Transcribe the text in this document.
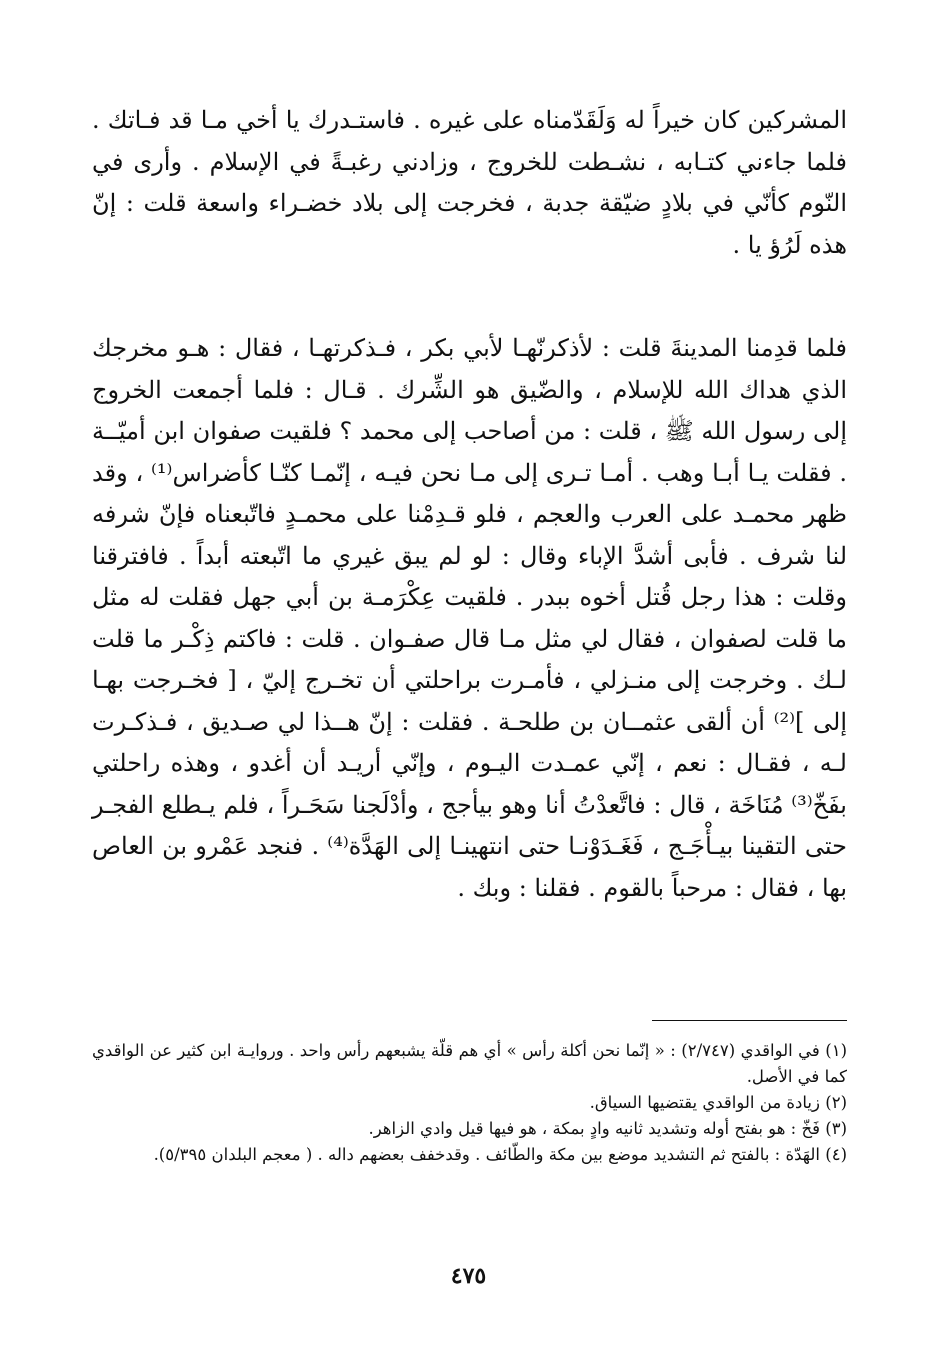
المشركين كان خيراً له وَلَقَدّمناه على غيره . فاستـدرك يا أخي مـا قد فـاتك . فلما جاءني كتـابه ، نشـطت للخروج ، وزادني رغبـةً في الإسلام . وأرى في النّوم كأنّي في بلادٍ ضيّقة جدبة ، فخرجت إلى بلاد خضـراء واسعة قلت : إنّ هذه لَرُؤ يا .

فلما قدِمنا المدينةَ قلت : لأذكرنّهـا لأبي بكر ، فـذكرتهـا ، فقال : هـو مخرجك الذي هداك الله للإسلام ، والضّيق هو الشِّرك . قـال : فلما أجمعت الخروج إلى رسول الله ﷺ ، قلت : من أصاحب إلى محمد ؟ فلقيت صفوان ابن أميّــة . فقلت يـا أبـا وهب . أمـا تـرى إلى مـا نحن فيـه ، إنّمـا كنّـا كأضراس⁽¹⁾ ، وقد ظهر محمـد على العرب والعجم ، فلو قـدِمْنا على محمـدٍ فاتّبعناه فإنّ شرفه لنا شرف . فأبى أشدَّ الإباء وقال : لو لم يبق غيري ما اتّبعته أبداً . فافترقنا وقلت : هذا رجل قُتل أخوه ببدر . فلقيت عِكْرَمـة بن أبي جهل فقلت له مثل ما قلت لصفوان ، فقال لي مثل مـا قال صفـوان . قلت : فاكتم ذِكْـر ما قلت لـك . وخرجت إلى منـزلي ، فأمـرت براحلتي أن تخـرج إليّ ، [ فخـرجت بهـا إلى ]⁽²⁾ أن ألقى عثمــان بن طلحـة . فقلت : إنّ هــذا لي صـديق ، فـذكـرت لـه ، فقـال : نعم ، إنّي عمـدت اليـوم ، وإنّي أريـد أن أغدو ، وهذه راحلتي بفَخّ⁽³⁾ مُنَاخَة ، قال : فاتَّعدْتُ أنا وهو بيأجج ، وأدْلَجنا سَحَـراً ، فلم يـطلع الفجـر حتى التقينا بيـأْجَـج ، فَغَـدَوْنـا حتى انتهينـا إلى الهَدَّة⁽⁴⁾ . فنجد عَمْرو بن العاص بها ، فقال : مرحباً بالقوم . فقلنا : وبك .

(١) في الواقدي (٢/٧٤٧) : « إنّما نحن أكلة رأس » أي هم قلّة يشبعهم رأس واحد . وروايـة ابن كثير عن الواقدي كما في الأصل.
(٢) زيادة من الواقدي يقتضيها السياق.
(٣) فَخّ : هو بفتح أوله وتشديد ثانيه وادٍ بمكة ، هو فيها قيل وادي الزاهر.
(٤) الهَدّة : بالفتح ثم التشديد موضع بين مكة والطّائف . وقدخفف بعضهم داله . ( معجم البلدان ٥/٣٩٥).
٤٧٥
